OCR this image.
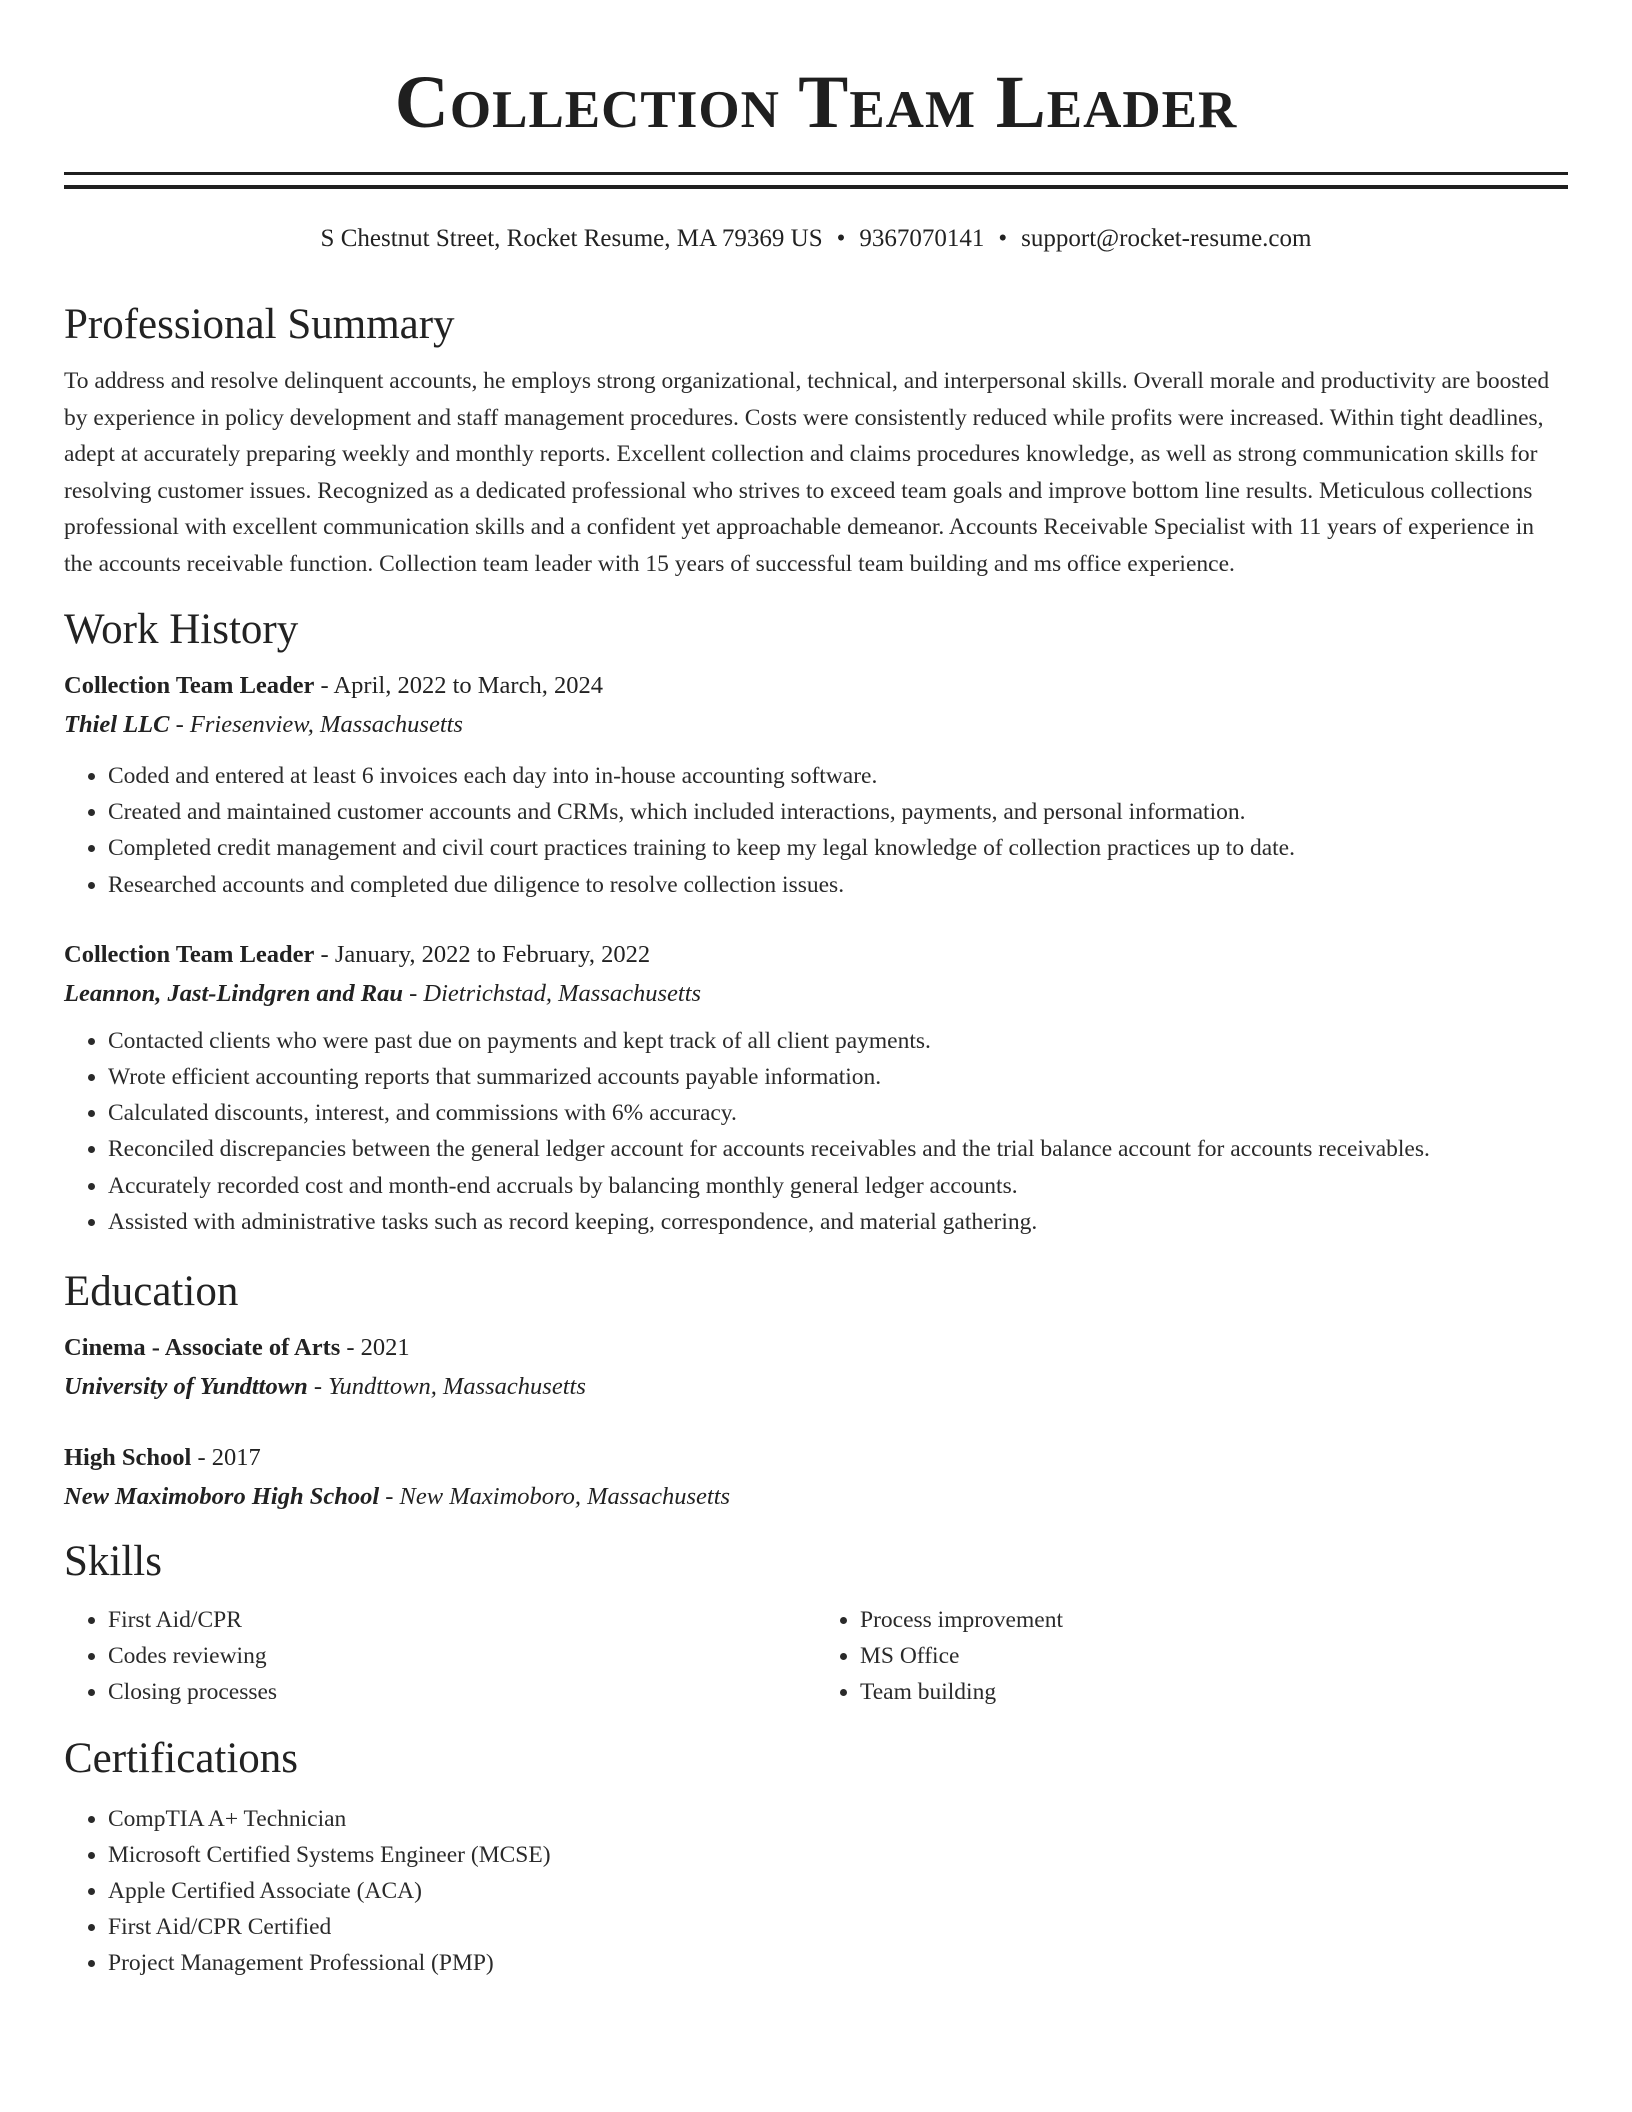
Collection Team Leader
S Chestnut Street, Rocket Resume, MA 79369 US • 9367070141 • support@rocket-resume.com
Professional Summary
To address and resolve delinquent accounts, he employs strong organizational, technical, and interpersonal skills. Overall morale and productivity are boosted by experience in policy development and staff management procedures. Costs were consistently reduced while profits were increased. Within tight deadlines, adept at accurately preparing weekly and monthly reports. Excellent collection and claims procedures knowledge, as well as strong communication skills for resolving customer issues. Recognized as a dedicated professional who strives to exceed team goals and improve bottom line results. Meticulous collections professional with excellent communication skills and a confident yet approachable demeanor. Accounts Receivable Specialist with 11 years of experience in the accounts receivable function. Collection team leader with 15 years of successful team building and ms office experience.
Work History
Collection Team Leader - April, 2022 to March, 2024
Thiel LLC - Friesenview, Massachusetts
• Coded and entered at least 6 invoices each day into in-house accounting software.
• Created and maintained customer accounts and CRMs, which included interactions, payments, and personal information.
• Completed credit management and civil court practices training to keep my legal knowledge of collection practices up to date.
• Researched accounts and completed due diligence to resolve collection issues.
Collection Team Leader - January, 2022 to February, 2022
Leannon, Jast-Lindgren and Rau - Dietrichstad, Massachusetts
• Contacted clients who were past due on payments and kept track of all client payments.
• Wrote efficient accounting reports that summarized accounts payable information.
• Calculated discounts, interest, and commissions with 6% accuracy.
• Reconciled discrepancies between the general ledger account for accounts receivables and the trial balance account for accounts receivables.
• Accurately recorded cost and month-end accruals by balancing monthly general ledger accounts.
• Assisted with administrative tasks such as record keeping, correspondence, and material gathering.
Education
Cinema - Associate of Arts - 2021
University of Yundttown - Yundttown, Massachusetts
High School - 2017
New Maximoboro High School - New Maximoboro, Massachusetts
Skills
• First Aid/CPR
• Codes reviewing
• Closing processes
• Process improvement
• MS Office
• Team building
Certifications
• CompTIA A+ Technician
• Microsoft Certified Systems Engineer (MCSE)
• Apple Certified Associate (ACA)
• First Aid/CPR Certified
• Project Management Professional (PMP)
